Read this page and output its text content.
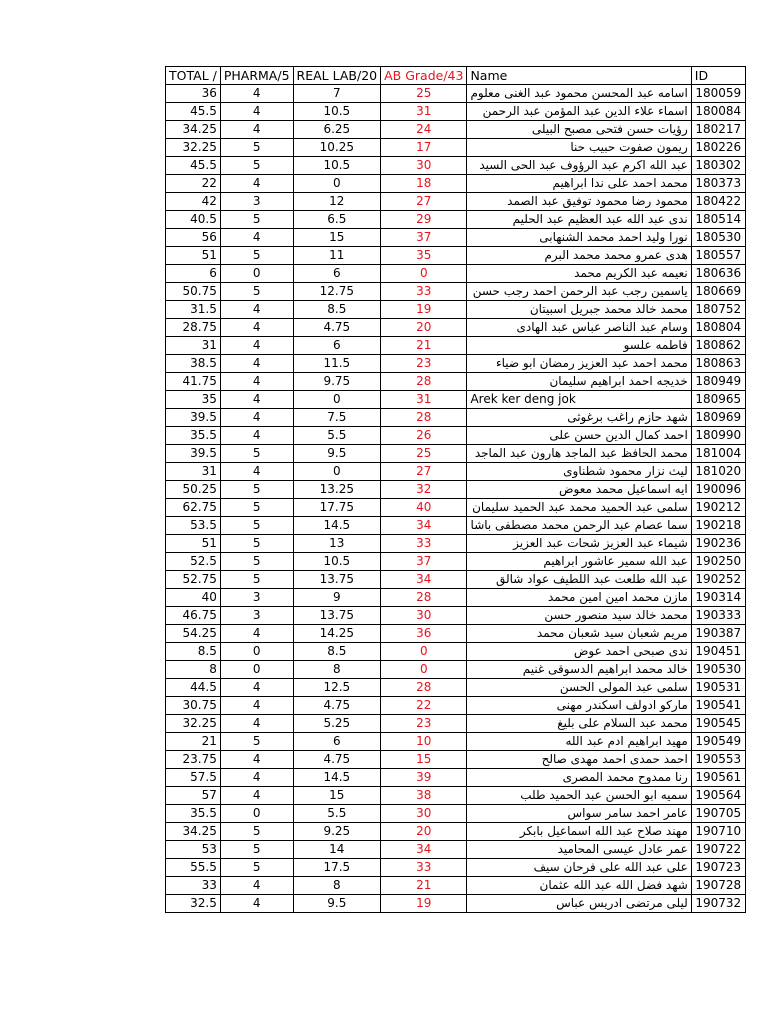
TOTAL /	PHARMA/5	REAL LAB/20	AB Grade/43	Name	ID
36	4	7	25	اسامه عبد المحسن محمود عبد الغنى معلوم	180059
45.5	4	10.5	31	اسماء علاء الدين عبد المؤمن عبد الرحمن	180084
34.25	4	6.25	24	رؤيات حسن فتحى مصبح البيلى	180217
32.25	5	10.25	17	ريمون صفوت حبيب حنا	180226
45.5	5	10.5	30	عبد الله اكرم عبد الرؤوف عبد الحى السيد	180302
22	4	0	18	محمد احمد على ندا ابراهيم	180373
42	3	12	27	محمود رضا محمود توفيق عبد الصمد	180422
40.5	5	6.5	29	ندى عبد الله عبد العظيم عبد الحليم	180514
56	4	15	37	نورا وليد احمد محمد الشنهابى	180530
51	5	11	35	هدى عمرو محمد محمد البرم	180557
6	0	6	0	نعيمه عبد الكريم محمد	180636
50.75	5	12.75	33	ياسمين رجب عبد الرحمن احمد رجب حسن	180669
31.5	4	8.5	19	محمد خالد محمد جبريل اسبيتان	180752
28.75	4	4.75	20	وسام عبد الناصر عباس عبد الهادى	180804
31	4	6	21	فاطمه علسو	180862
38.5	4	11.5	23	محمد احمد عبد العزيز رمضان ابو ضياء	180863
41.75	4	9.75	28	خديجه احمد ابراهيم سليمان	180949
35	4	0	31	Arek ker deng jok	180965
39.5	4	7.5	28	شهد حازم راغب برغوثى	180969
35.5	4	5.5	26	احمد كمال الدين حسن على	180990
39.5	5	9.5	25	محمد الحافظ عبد الماجد هارون عبد الماجد	181004
31	4	0	27	ليث نزار محمود شطناوى	181020
50.25	5	13.25	32	ايه اسماعيل محمد معوض	190096
62.75	5	17.75	40	سلمى عبد الحميد محمد عبد الحميد سليمان	190212
53.5	5	14.5	34	سما عصام عبد الرحمن محمد مصطفى باشا	190218
51	5	13	33	شيماء عبد العزيز شحات عبد العزيز	190236
52.5	5	10.5	37	عبد الله سمير عاشور ابراهيم	190250
52.75	5	13.75	34	عبد الله طلعت عبد اللطيف عواد شالق	190252
40	3	9	28	مازن محمد امين امين محمد	190314
46.75	3	13.75	30	محمد خالد سيد منصور حسن	190333
54.25	4	14.25	36	مريم شعبان سيد شعبان محمد	190387
8.5	0	8.5	0	ندى صبحى احمد عوض	190451
8	0	8	0	خالد محمد ابراهيم الدسوقى غنيم	190530
44.5	4	12.5	28	سلمى عبد المولى الحسن	190531
30.75	4	4.75	22	ماركو ادولف اسكندر مهنى	190541
32.25	4	5.25	23	محمد عبد السلام على بليغ	190545
21	5	6	10	مهيد ابراهيم ادم عبد الله	190549
23.75	4	4.75	15	احمد حمدى احمد مهدى صالح	190553
57.5	4	14.5	39	رنا ممدوح محمد المصرى	190561
57	4	15	38	سميه ابو الحسن عبد الحميد طلب	190564
35.5	0	5.5	30	عامر احمد سامر سواس	190705
34.25	5	9.25	20	مهند صلاح عبد الله اسماعيل بابكر	190710
53	5	14	34	عمر عادل عيسى المحاميد	190722
55.5	5	17.5	33	على عبد الله على فرحان سيف	190723
33	4	8	21	شهد فضل الله عبد الله عثمان	190728
32.5	4	9.5	19	ليلى مرتضى ادريس عباس	190732
